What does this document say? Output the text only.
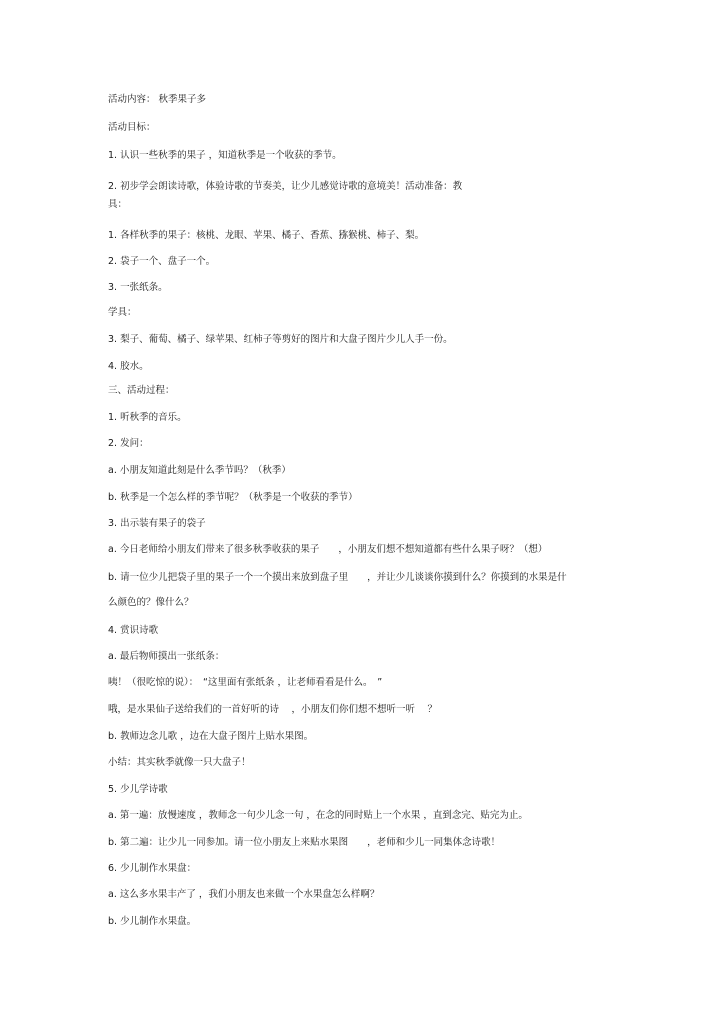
活动内容： 秋季果子多
活动目标：
1. 认识一些秋季的果子 ，知道秋季是一个收获的季节。
2. 初步学会朗读诗歌，体验诗歌的节奏美，让少儿感觉诗歌的意境美！活动准备：教
具：
1. 各样秋季的果子：核桃、龙眼、苹果、橘子、香蕉、猕猴桃、柿子、梨。
2. 袋子一个、盘子一个。
3. 一张纸条。
学具：
3. 梨子、葡萄、橘子、绿苹果、红柿子等剪好的图片和大盘子图片少儿人手一份。
4. 胶水。
三、活动过程：
1. 听秋季的音乐。
2. 发问：
a. 小朋友知道此刻是什么季节吗？（秋季）
b. 秋季是一个怎么样的季节呢？（秋季是一个收获的季节）
3. 出示装有果子的袋子
a. 今日老师给小朋友们带来了很多秋季收获的果子　　，小朋友们想不想知道都有些什么果子呀？（想）
b. 请一位少儿把袋子里的果子一个一个摸出来放到盘子里　　，并让少儿谈谈你摸到什么？你摸到的水果是什
么颜色的？像什么？
4. 赏识诗歌
a. 最后物师摸出一张纸条：
咦！（很吃惊的说）：　“这里面有张纸条 ，让老师看看是什么。　”
哦，是水果仙子送给我们的一首好听的诗　 ，小朋友们你们想不想听一听　 ？
b. 教师边念儿歌 ，边在大盘子图片上贴水果图。
小结：其实秋季就像一只大盘子！
5. 少儿学诗歌
a. 第一遍：放慢速度 ，教师念一句少儿念一句 ，在念的同时贴上一个水果 ，直到念完、贴完为止。
b. 第二遍：让少儿一同参加。请一位小朋友上来贴水果图　　，老师和少儿一同集体念诗歌！
6. 少儿制作水果盘：
a. 这么多水果丰产了 ，我们小朋友也来做一个水果盘怎么样啊？
b. 少儿制作水果盘。
